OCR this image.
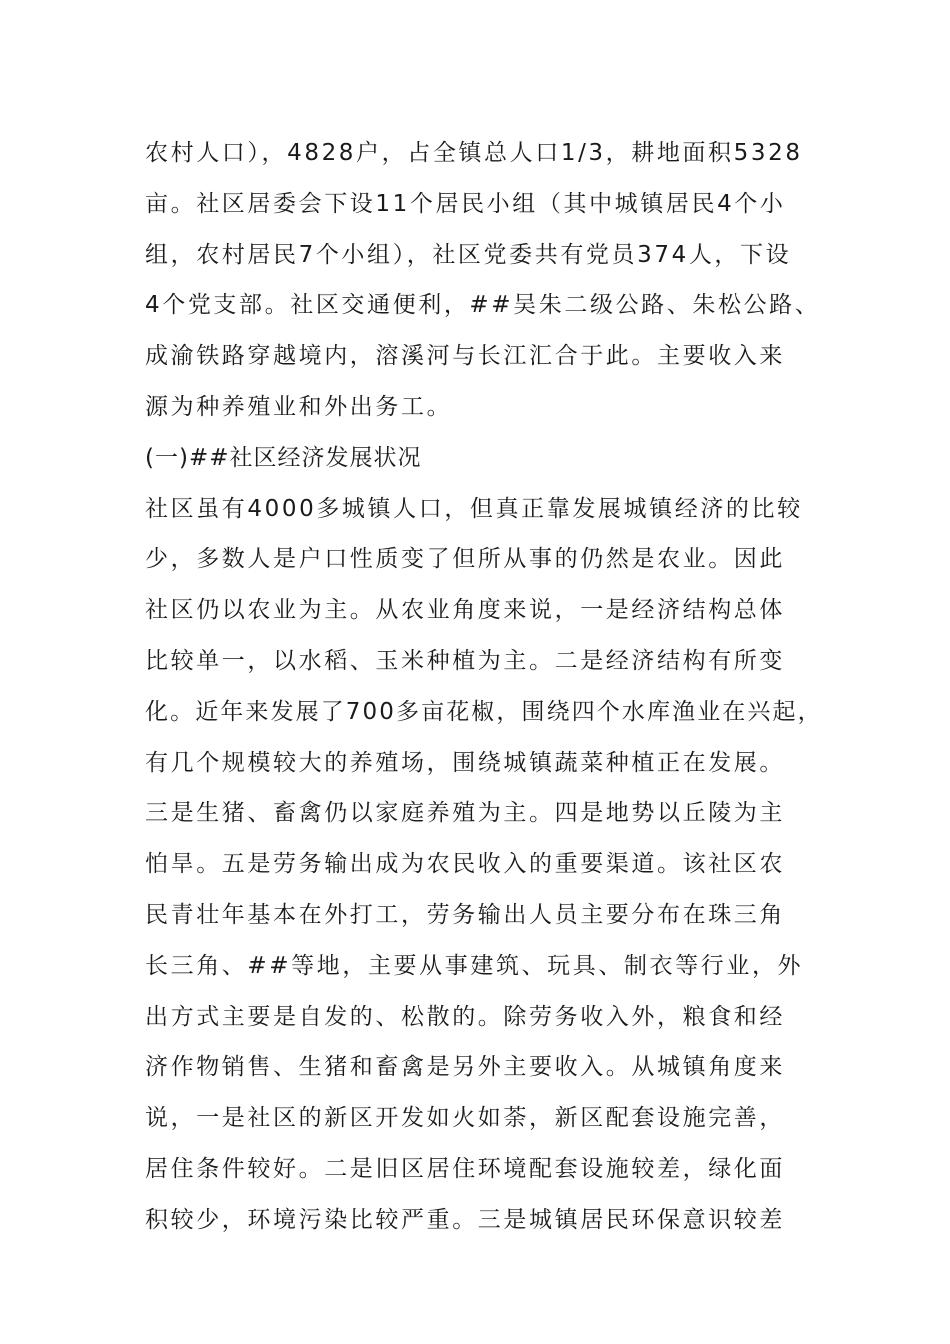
农村人口），4828户，占全镇总人口1/3，耕地面积5328
亩。社区居委会下设11个居民小组（其中城镇居民4个小
组，农村居民7个小组），社区党委共有党员374人，下设
4个党支部。社区交通便利，##吴朱二级公路、朱松公路、
成渝铁路穿越境内，溶溪河与长江汇合于此。主要收入来
源为种养殖业和外出务工。
(一)##社区经济发展状况
社区虽有4000多城镇人口，但真正靠发展城镇经济的比较
少，多数人是户口性质变了但所从事的仍然是农业。因此
社区仍以农业为主。从农业角度来说，一是经济结构总体
比较单一，以水稻、玉米种植为主。二是经济结构有所变
化。近年来发展了700多亩花椒，围绕四个水库渔业在兴起，
有几个规模较大的养殖场，围绕城镇蔬菜种植正在发展。
三是生猪、畜禽仍以家庭养殖为主。四是地势以丘陵为主
怕旱。五是劳务输出成为农民收入的重要渠道。该社区农
民青壮年基本在外打工，劳务输出人员主要分布在珠三角
长三角、##等地，主要从事建筑、玩具、制衣等行业，外
出方式主要是自发的、松散的。除劳务收入外，粮食和经
济作物销售、生猪和畜禽是另外主要收入。从城镇角度来
说，一是社区的新区开发如火如荼，新区配套设施完善，
居住条件较好。二是旧区居住环境配套设施较差，绿化面
积较少，环境污染比较严重。三是城镇居民环保意识较差
